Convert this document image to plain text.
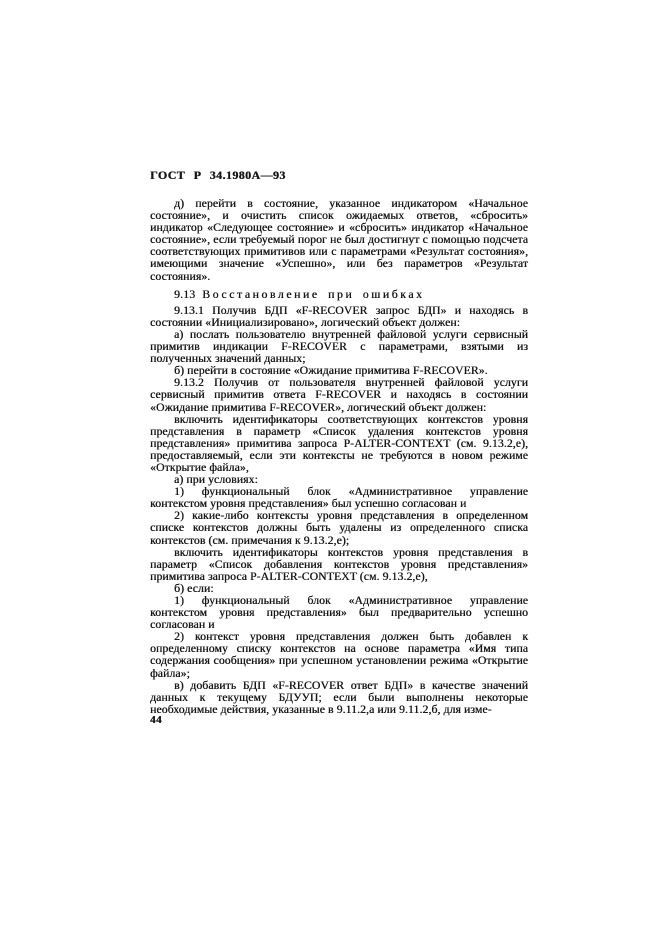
ГОСТ Р 34.1980А—93

д) перейти в состояние, указанное индикатором «Начальное состояние», и очистить список ожидаемых ответов, «сбросить» индикатор «Следующее состояние» и «сбросить» индикатор «Начальное состояние», если требуемый порог не был достигнут с помощью подсчета соответствующих примитивов или с параметрами «Результат состояния», имеющими значение «Успешно», или без параметров «Результат состояния».

9.13 Восстановление при ошибках

9.13.1 Получив БДП «F-RECOVER запрос БДП» и находясь в состоянии «Инициализировано», логический объект должен:

а) послать пользователю внутренней файловой услуги сервисный примитив индикации F-RECOVER с параметрами, взятыми из полученных значений данных;

б) перейти в состояние «Ожидание примитива F-RECOVER».

9.13.2 Получив от пользователя внутренней файловой услуги сервисный примитив ответа F-RECOVER и находясь в состоянии «Ожидание примитива F-RECOVER», логический объект должен:

включить идентификаторы соответствующих контекстов уровня представления в параметр «Список удаления контекстов уровня представления» примитива запроса P-ALTER-CONTEXT (см. 9.13.2,е), предоставляемый, если эти контексты не требуются в новом режиме «Открытие файла»,

а) при условиях:

1) функциональный блок «Административное управление контекстом уровня представления» был успешно согласован и

2) какие-либо контексты уровня представления в определенном списке контекстов должны быть удалены из определенного списка контекстов (см. примечания к 9.13.2,е);

включить идентификаторы контекстов уровня представления в параметр «Список добавления контекстов уровня представления» примитива запроса P-ALTER-CONTEXT (см. 9.13.2,е),

б) если:

1) функциональный блок «Административное управление контекстом уровня представления» был предварительно успешно согласован и

2) контекст уровня представления должен быть добавлен к определенному списку контекстов на основе параметра «Имя типа содержания сообщения» при успешном установлении режима «Открытие файла»;

в) добавить БДП «F-RECOVER ответ БДП» в качестве значений данных к текущему БДУУП; если были выполнены некоторые необходимые действия, указанные в 9.11.2,а или 9.11.2,б, для изме-

44
